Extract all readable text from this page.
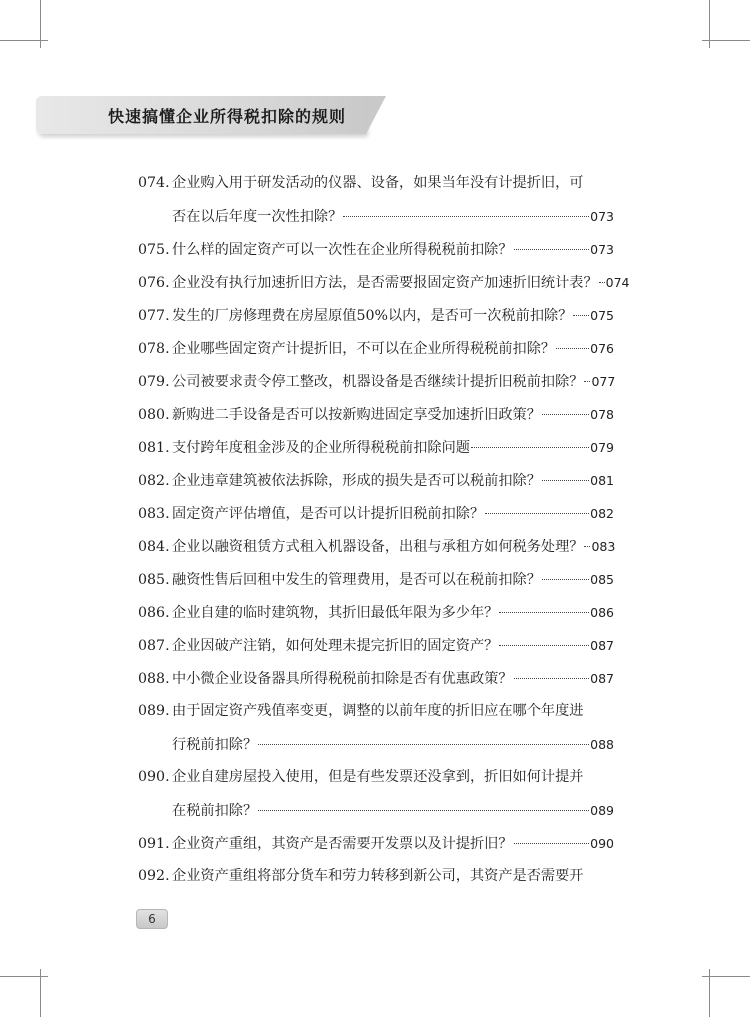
快速搞懂企业所得税扣除的规则
074. 企业购入用于研发活动的仪器、设备，如果当年没有计提折旧，可
否在以后年度一次性扣除？	073
075. 什么样的固定资产可以一次性在企业所得税税前扣除？	073
076. 企业没有执行加速折旧方法，是否需要报固定资产加速折旧统计表？ 074
077. 发生的厂房修理费在房屋原值50%以内，是否可一次税前扣除？ 075
078. 企业哪些固定资产计提折旧，不可以在企业所得税税前扣除？	076
079. 公司被要求责令停工整改，机器设备是否继续计提折旧税前扣除？ 077
080. 新购进二手设备是否可以按新购进固定享受加速折旧政策？	078
081. 支付跨年度租金涉及的企业所得税税前扣除问题	079
082. 企业违章建筑被依法拆除，形成的损失是否可以税前扣除？	081
083. 固定资产评估增值，是否可以计提折旧税前扣除？	082
084. 企业以融资租赁方式租入机器设备，出租与承租方如何税务处理？ 083
085. 融资性售后回租中发生的管理费用，是否可以在税前扣除？	085
086. 企业自建的临时建筑物，其折旧最低年限为多少年？	086
087. 企业因破产注销，如何处理未提完折旧的固定资产？	087
088. 中小微企业设备器具所得税税前扣除是否有优惠政策？	087
089. 由于固定资产残值率变更，调整的以前年度的折旧应在哪个年度进
行税前扣除？	088
090. 企业自建房屋投入使用，但是有些发票还没拿到，折旧如何计提并
在税前扣除？	089
091. 企业资产重组，其资产是否需要开发票以及计提折旧？	090
092. 企业资产重组将部分货车和劳力转移到新公司，其资产是否需要开
6
